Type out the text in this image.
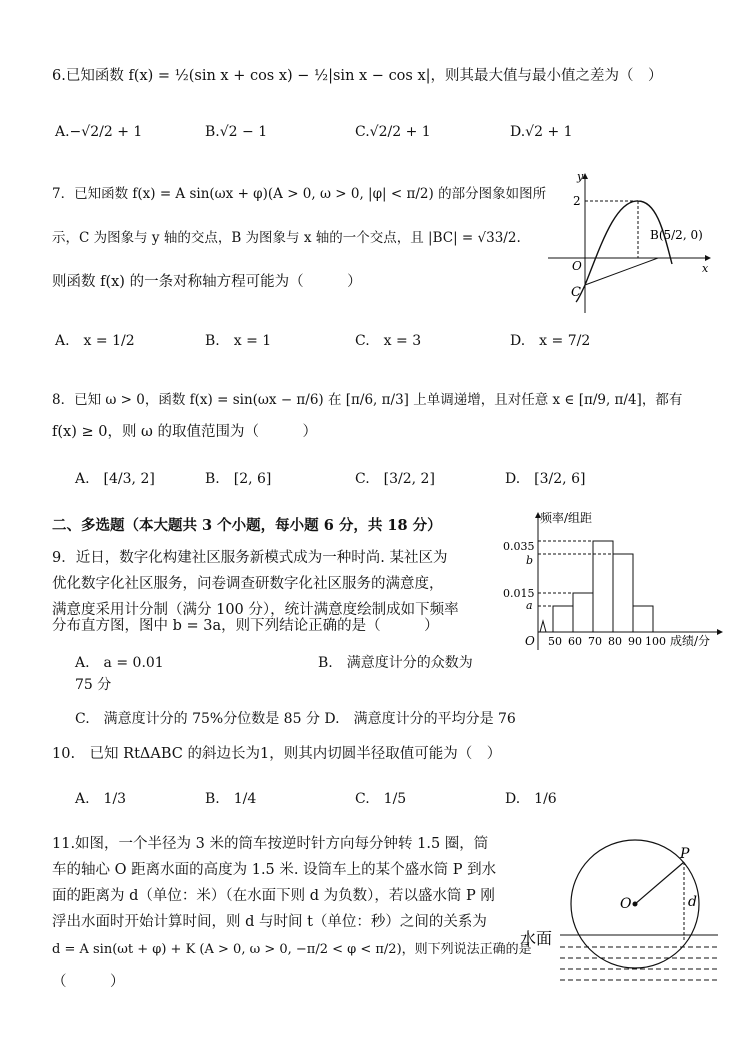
6.已知函数 f(x) = ½(sin x + cos x) − ½|sin x − cos x|，则其最大值与最小值之差为（　）
A.−√2/2 + 1	B.√2 − 1	C.√2/2 + 1	D.√2 + 1
7．已知函数 f(x) = A sin(ωx + φ)(A > 0, ω > 0, |φ| < π/2) 的部分图象如图所
示，C 为图象与 y 轴的交点，B 为图象与 x 轴的一个交点，且 |BC| = √33/2.
则函数 f(x) 的一条对称轴方程可能为（　　　）
A.　x = 1/2	B.　x = 1	C.　x = 3	D.　x = 7/2
y
x
O
2
C
B(5/2, 0)
8．已知 ω > 0，函数 f(x) = sin(ωx − π/6) 在 [π/6, π/3] 上单调递增，且对任意 x ∈ [π/9, π/4]，都有
f(x) ≥ 0，则 ω 的取值范围为（　　　）
A.　[4/3, 2]	B.　[2, 6]	C.　[3/2, 2]	D.　[3/2, 6]
二、多选题（本大题共 3 个小题，每小题 6 分，共 18 分）
9．近日，数字化构建社区服务新模式成为一种时尚. 某社区为
优化数字化社区服务，问卷调查研数字化社区服务的满意度，
满意度采用计分制（满分 100 分），统计满意度绘制成如下频率
分布直方图，图中 b = 3a，则下列结论正确的是（　　　）
A.　a = 0.01	B.　满意度计分的众数为
75 分
C.　满意度计分的 75%分位数是 85 分 D.　满意度计分的平均分是 76
频率/组距
成绩/分
O
0.035
b
0.015
a
50 60 70 80 90 100
10.　已知 RtΔABC 的斜边长为1，则其内切圆半径取值可能为（　）
A.　1/3	B.　1/4	C.　1/5	D.　1/6
11.如图，一个半径为 3 米的筒车按逆时针方向每分钟转 1.5 圈，筒
车的轴心 O 距离水面的高度为 1.5 米. 设筒车上的某个盛水筒 P 到水
面的距离为 d（单位：米）（在水面下则 d 为负数），若以盛水筒 P 刚
浮出水面时开始计算时间，则 d 与时间 t（单位：秒）之间的关系为
d = A sin(ωt + φ) + K (A > 0, ω > 0, −π/2 < φ < π/2)，则下列说法正确的是
（　　　）
P
O	d
水面
